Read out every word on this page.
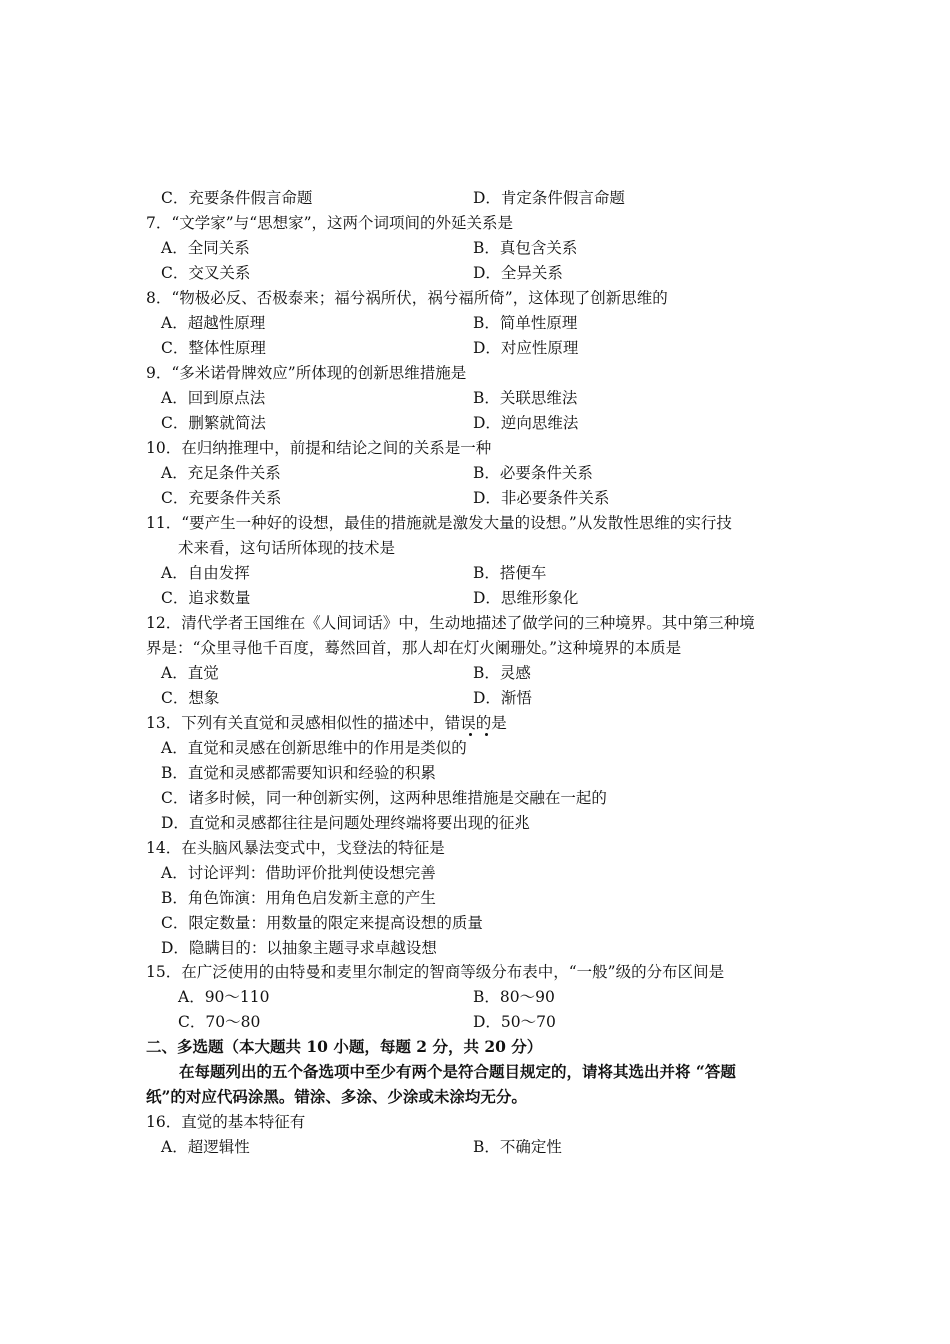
C．充要条件假言命题	D．肯定条件假言命题
7．“文学家”与“思想家”，这两个词项间的外延关系是
A．全同关系	B．真包含关系
C．交叉关系	D．全异关系
8．“物极必反、否极泰来；福兮祸所伏，祸兮福所倚”，这体现了创新思维的
A．超越性原理	B．简单性原理
C．整体性原理	D．对应性原理
9．“多米诺骨牌效应”所体现的创新思维措施是
A．回到原点法	B．关联思维法
C．删繁就简法	D．逆向思维法
10．在归纳推理中，前提和结论之间的关系是一种
A．充足条件关系	B．必要条件关系
C．充要条件关系	D．非必要条件关系
11．“要产生一种好的设想，最佳的措施就是激发大量的设想。”从发散性思维的实行技
术来看，这句话所体现的技术是
A．自由发挥	B．搭便车
C．追求数量	D．思维形象化
12．清代学者王国维在《人间词话》中，生动地描述了做学问的三种境界。其中第三种境
界是：“众里寻他千百度，蓦然回首，那人却在灯火阑珊处。”这种境界的本质是
A．直觉	B．灵感
C．想象	D．渐悟
13．下列有关直觉和灵感相似性的描述中，错误的是
A．直觉和灵感在创新思维中的作用是类似的
B．直觉和灵感都需要知识和经验的积累
C．诸多时候，同一种创新实例，这两种思维措施是交融在一起的
D．直觉和灵感都往往是问题处理终端将要出现的征兆
14．在头脑风暴法变式中，戈登法的特征是
A．讨论评判：借助评价批判使设想完善
B．角色饰演：用角色启发新主意的产生
C．限定数量：用数量的限定来提高设想的质量
D．隐瞒目的：以抽象主题寻求卓越设想
15．在广泛使用的由特曼和麦里尔制定的智商等级分布表中，“一般”级的分布区间是
A．90～110	B．80～90
C．70～80	D．50～70
二、多选题（本大题共 10 小题，每题 2 分，共 20 分）
在每题列出的五个备选项中至少有两个是符合题目规定的，请将其选出并将 “答题
纸”的对应代码涂黑。错涂、多涂、少涂或未涂均无分。
16．直觉的基本特征有
A．超逻辑性	B．不确定性
